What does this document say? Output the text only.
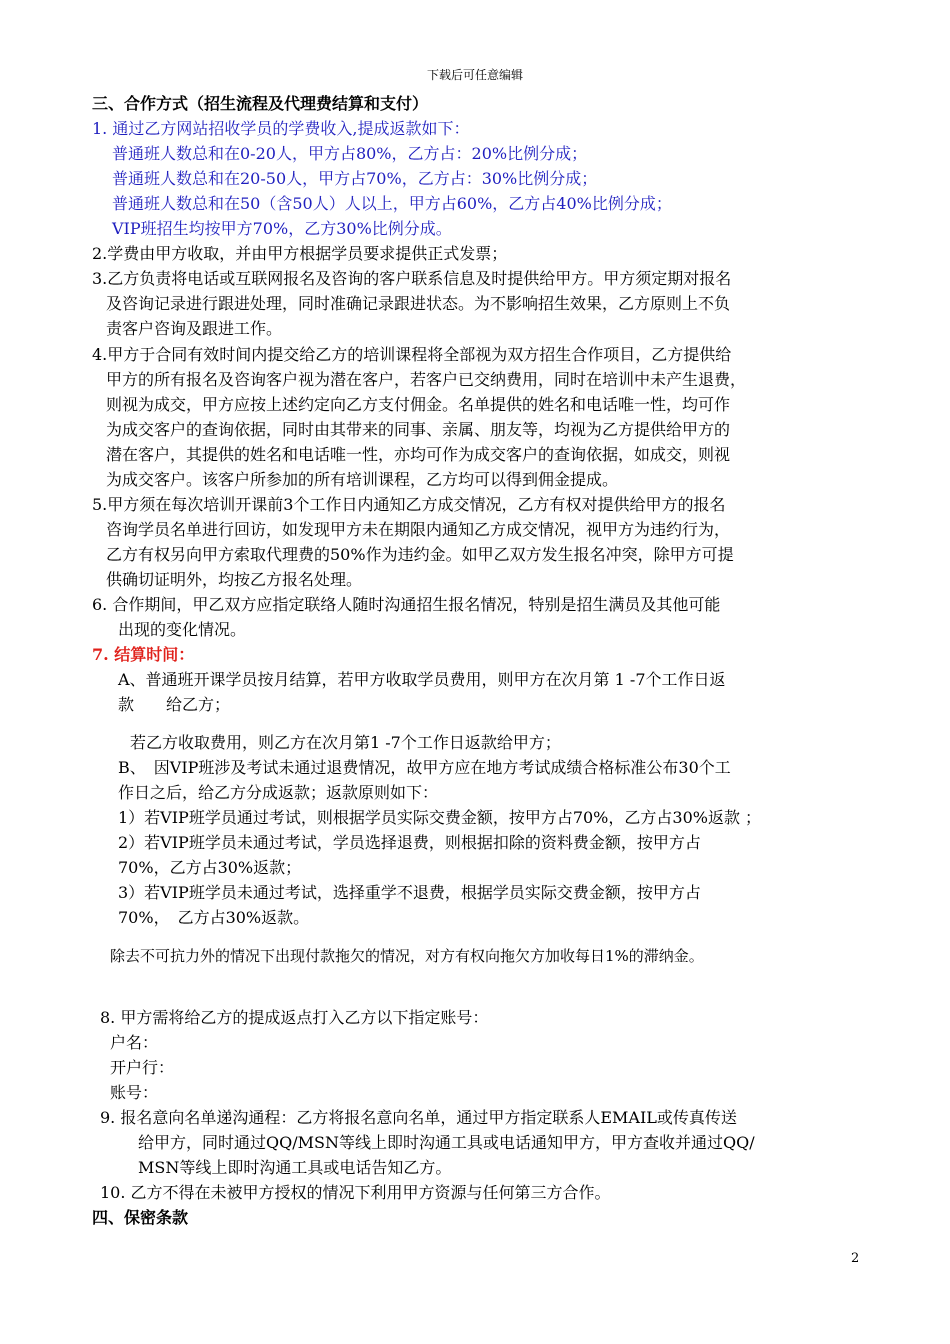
下载后可任意编辑
三、合作方式（招生流程及代理费结算和支付）
1. 通过乙方网站招收学员的学费收入,提成返款如下：
普通班人数总和在0-20人，甲方占80%，乙方占：20%比例分成；
普通班人数总和在20-50人，甲方占70%，乙方占：30%比例分成；
普通班人数总和在50（含50人）人以上，甲方占60%，乙方占40%比例分成；
VIP班招生均按甲方70%，乙方30%比例分成。
2.学费由甲方收取，并由甲方根据学员要求提供正式发票；
3.乙方负责将电话或互联网报名及咨询的客户联系信息及时提供给甲方。甲方须定期对报名
及咨询记录进行跟进处理，同时准确记录跟进状态。为不影响招生效果，乙方原则上不负
责客户咨询及跟进工作。
4.甲方于合同有效时间内提交给乙方的培训课程将全部视为双方招生合作项目，乙方提供给
甲方的所有报名及咨询客户视为潜在客户，若客户已交纳费用，同时在培训中未产生退费，
则视为成交，甲方应按上述约定向乙方支付佣金。名单提供的姓名和电话唯一性，均可作
为成交客户的查询依据，同时由其带来的同事、亲属、朋友等，均视为乙方提供给甲方的
潜在客户，其提供的姓名和电话唯一性，亦均可作为成交客户的查询依据，如成交，则视
为成交客户。该客户所参加的所有培训课程，乙方均可以得到佣金提成。
5.甲方须在每次培训开课前3个工作日内通知乙方成交情况，乙方有权对提供给甲方的报名
咨询学员名单进行回访，如发现甲方未在期限内通知乙方成交情况，视甲方为违约行为，
乙方有权另向甲方索取代理费的50%作为违约金。如甲乙双方发生报名冲突，除甲方可提
供确切证明外，均按乙方报名处理。
6. 合作期间，甲乙双方应指定联络人随时沟通招生报名情况，特别是招生满员及其他可能
出现的变化情况。
7. 结算时间：
A、普通班开课学员按月结算，若甲方收取学员费用，则甲方在次月第 1 -7个工作日返
款　　给乙方；
若乙方收取费用，则乙方在次月第1 -7个工作日返款给甲方；
B、　因VIP班涉及考试未通过退费情况，故甲方应在地方考试成绩合格标准公布30个工
作日之后，给乙方分成返款；返款原则如下：
1）若VIP班学员通过考试，则根据学员实际交费金额，按甲方占70%，乙方占30%返款 ；
2）若VIP班学员未通过考试，学员选择退费，则根据扣除的资料费金额，按甲方占
70%，乙方占30%返款；
3）若VIP班学员未通过考试，选择重学不退费，根据学员实际交费金额，按甲方占
70%，　乙方占30%返款。
除去不可抗力外的情况下出现付款拖欠的情况，对方有权向拖欠方加收每日1%的滞纳金。
8. 甲方需将给乙方的提成返点打入乙方以下指定账号：
户名：
开户行：
账号：
9. 报名意向名单递沟通程：乙方将报名意向名单，通过甲方指定联系人EMAIL或传真传送
给甲方，同时通过QQ/MSN等线上即时沟通工具或电话通知甲方，甲方查收并通过QQ/
MSN等线上即时沟通工具或电话告知乙方。
10. 乙方不得在未被甲方授权的情况下利用甲方资源与任何第三方合作。
四、保密条款
2
